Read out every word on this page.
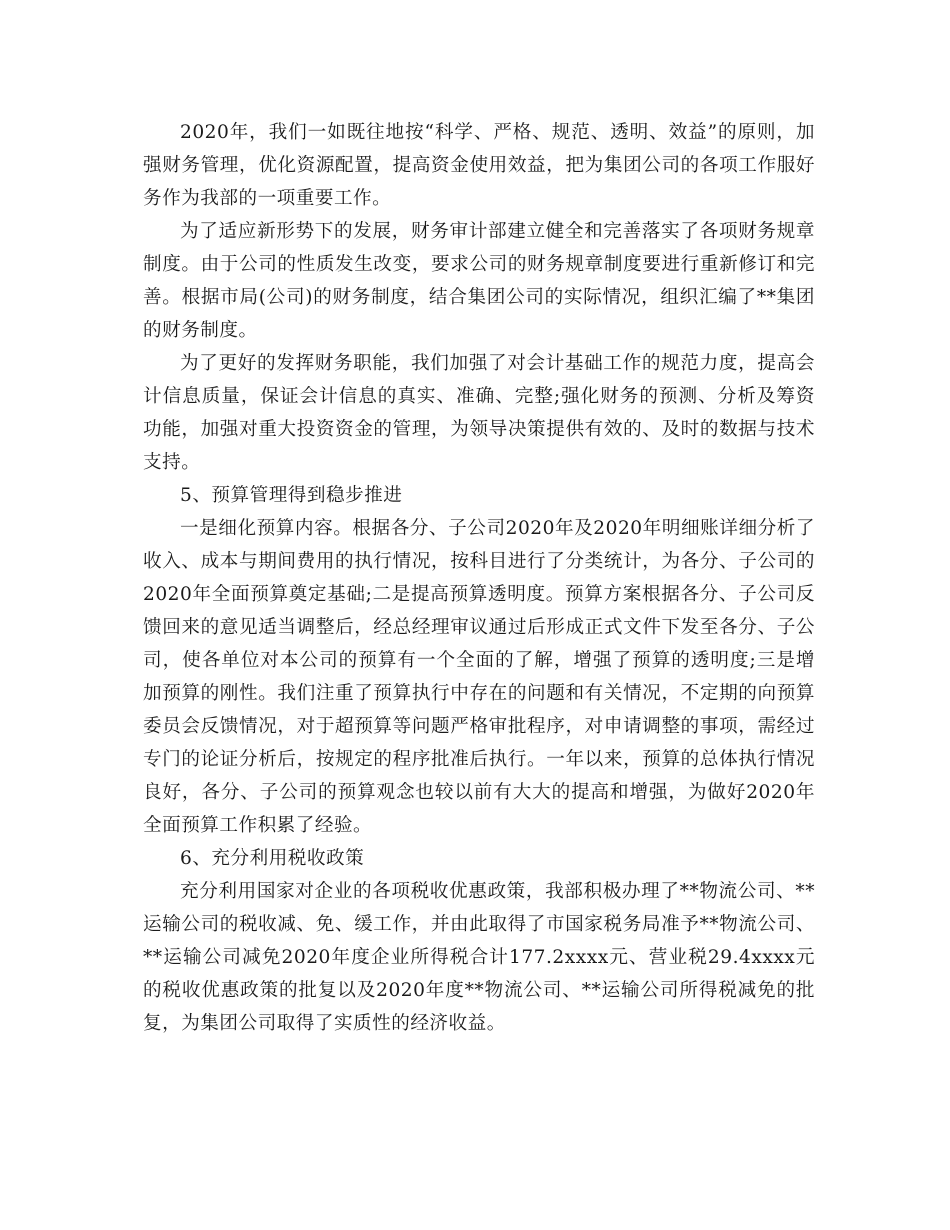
2020年，我们一如既往地按“科学、严格、规范、透明、效益”的原则，加强财务管理，优化资源配置，提高资金使用效益，把为集团公司的各项工作服好务作为我部的一项重要工作。

为了适应新形势下的发展，财务审计部建立健全和完善落实了各项财务规章制度。由于公司的性质发生改变，要求公司的财务规章制度要进行重新修订和完善。根据市局(公司)的财务制度，结合集团公司的实际情况，组织汇编了**集团的财务制度。

为了更好的发挥财务职能，我们加强了对会计基础工作的规范力度，提高会计信息质量，保证会计信息的真实、准确、完整;强化财务的预测、分析及筹资功能，加强对重大投资资金的管理，为领导决策提供有效的、及时的数据与技术支持。

5、预算管理得到稳步推进

一是细化预算内容。根据各分、子公司2020年及2020年明细账详细分析了收入、成本与期间费用的执行情况，按科目进行了分类统计，为各分、子公司的2020年全面预算奠定基础;二是提高预算透明度。预算方案根据各分、子公司反馈回来的意见适当调整后，经总经理审议通过后形成正式文件下发至各分、子公司，使各单位对本公司的预算有一个全面的了解，增强了预算的透明度;三是增加预算的刚性。我们注重了预算执行中存在的问题和有关情况，不定期的向预算委员会反馈情况，对于超预算等问题严格审批程序，对申请调整的事项，需经过专门的论证分析后，按规定的程序批准后执行。一年以来，预算的总体执行情况良好，各分、子公司的预算观念也较以前有大大的提高和增强，为做好2020年全面预算工作积累了经验。

6、充分利用税收政策

充分利用国家对企业的各项税收优惠政策，我部积极办理了**物流公司、**运输公司的税收减、免、缓工作，并由此取得了市国家税务局准予**物流公司、**运输公司减免2020年度企业所得税合计177.2xxxx元、营业税29.4xxxx元的税收优惠政策的批复以及2020年度**物流公司、**运输公司所得税减免的批复，为集团公司取得了实质性的经济收益。
